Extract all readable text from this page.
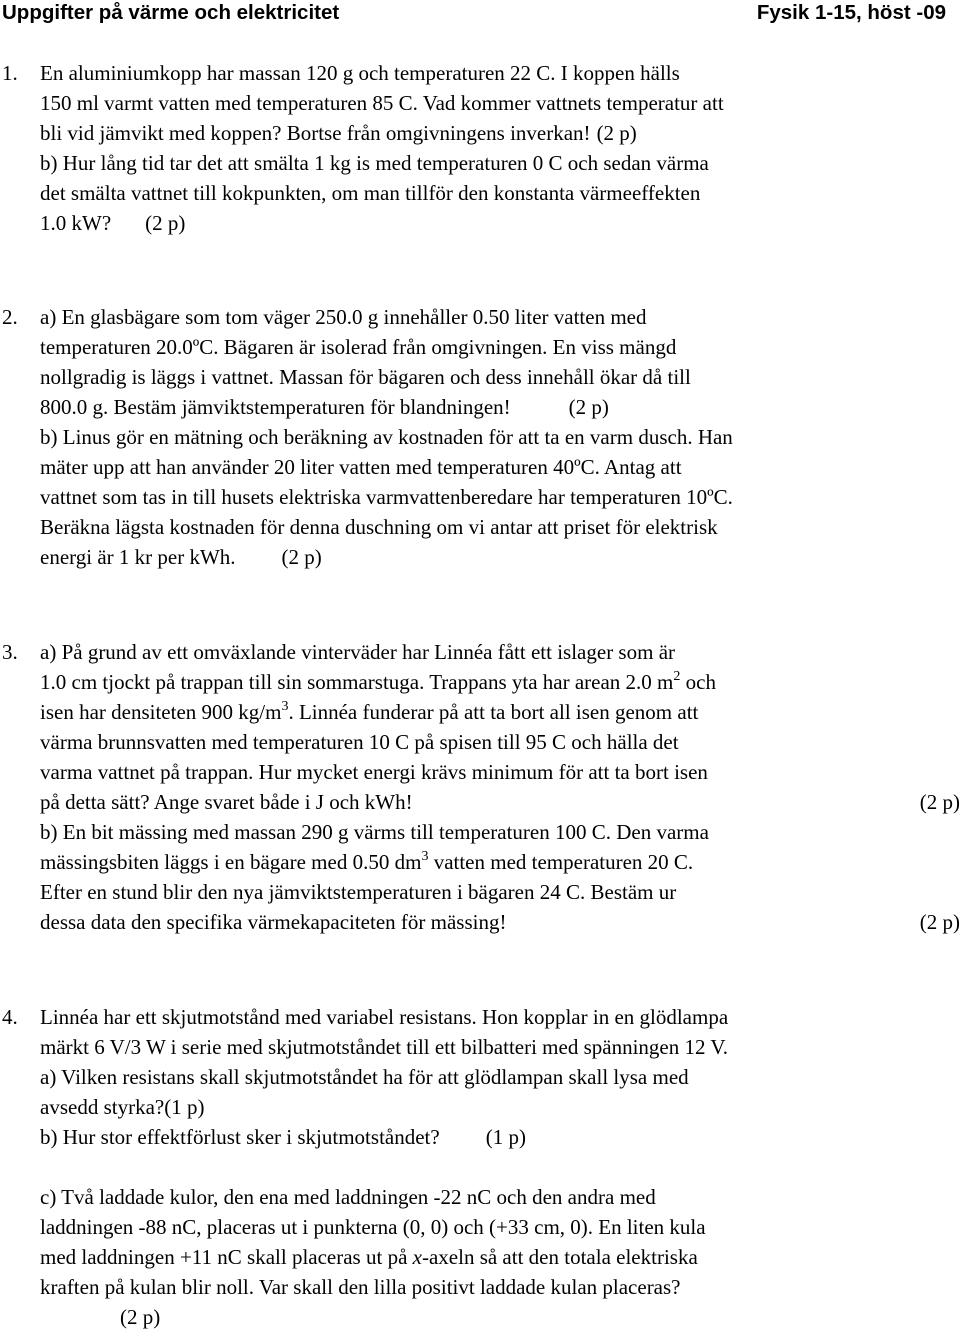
Uppgifter på värme och elektricitet	Fysik 1-15, höst -09
1. En aluminiumkopp har massan 120 g och temperaturen 22 C. I koppen hälls
150 ml varmt vatten med temperaturen 85 C. Vad kommer vattnets temperatur att
bli vid jämvikt med koppen? Bortse från omgivningens inverkan! (2 p)
b) Hur lång tid tar det att smälta 1 kg is med temperaturen 0 C och sedan värma
det smälta vattnet till kokpunkten, om man tillför den konstanta värmeeffekten
1.0 kW? (2 p)
2. a) En glasbägare som tom väger 250.0 g innehåller 0.50 liter vatten med
temperaturen 20.0ºC. Bägaren är isolerad från omgivningen. En viss mängd
nollgradig is läggs i vattnet. Massan för bägaren och dess innehåll ökar då till
800.0 g. Bestäm jämviktstemperaturen för blandningen!	(2 p)
b) Linus gör en mätning och beräkning av kostnaden för att ta en varm dusch. Han
mäter upp att han använder 20 liter vatten med temperaturen 40ºC. Antag att
vattnet som tas in till husets elektriska varmvattenberedare har temperaturen 10ºC.
Beräkna lägsta kostnaden för denna duschning om vi antar att priset för elektrisk
energi är 1 kr per kWh. (2 p)
3. a) På grund av ett omväxlande vinterväder har Linnéa fått ett islager som är
1.0 cm tjockt på trappan till sin sommarstuga. Trappans yta har arean 2.0 $m^2$ och
isen har densiteten 900 $kg/m^3$. Linnéa funderar på att ta bort all isen genom att
värma brunnsvatten med temperaturen 10 C på spisen till 95 C och hälla det
varma vattnet på trappan. Hur mycket energi krävs minimum för att ta bort isen
på detta sätt? Ange svaret både i J och kWh!	(2 p)
b) En bit mässing med massan 290 g värms till temperaturen 100 C. Den varma
mässingsbiten läggs i en bägare med 0.50 $dm^3$ vatten med temperaturen 20 C.
Efter en stund blir den nya jämviktstemperaturen i bägaren 24 C. Bestäm ur
dessa data den specifika värmekapaciteten för mässing!	(2 p)
4. Linnéa har ett skjutmotstånd med variabel resistans. Hon kopplar in en glödlampa
märkt 6 V/3 W i serie med skjutmotståndet till ett bilbatteri med spänningen 12 V.
a) Vilken resistans skall skjutmotståndet ha för att glödlampan skall lysa med
avsedd styrka?(1 p)
b) Hur stor effektförlust sker i skjutmotståndet? (1 p)
c) Två laddade kulor, den ena med laddningen -22 nC och den andra med
laddningen -88 nC, placeras ut i punkterna (0, 0) och (+33 cm, 0). En liten kula
med laddningen +11 nC skall placeras ut på x-axeln så att den totala elektriska
kraften på kulan blir noll. Var skall den lilla positivt laddade kulan placeras?
(2 p)
